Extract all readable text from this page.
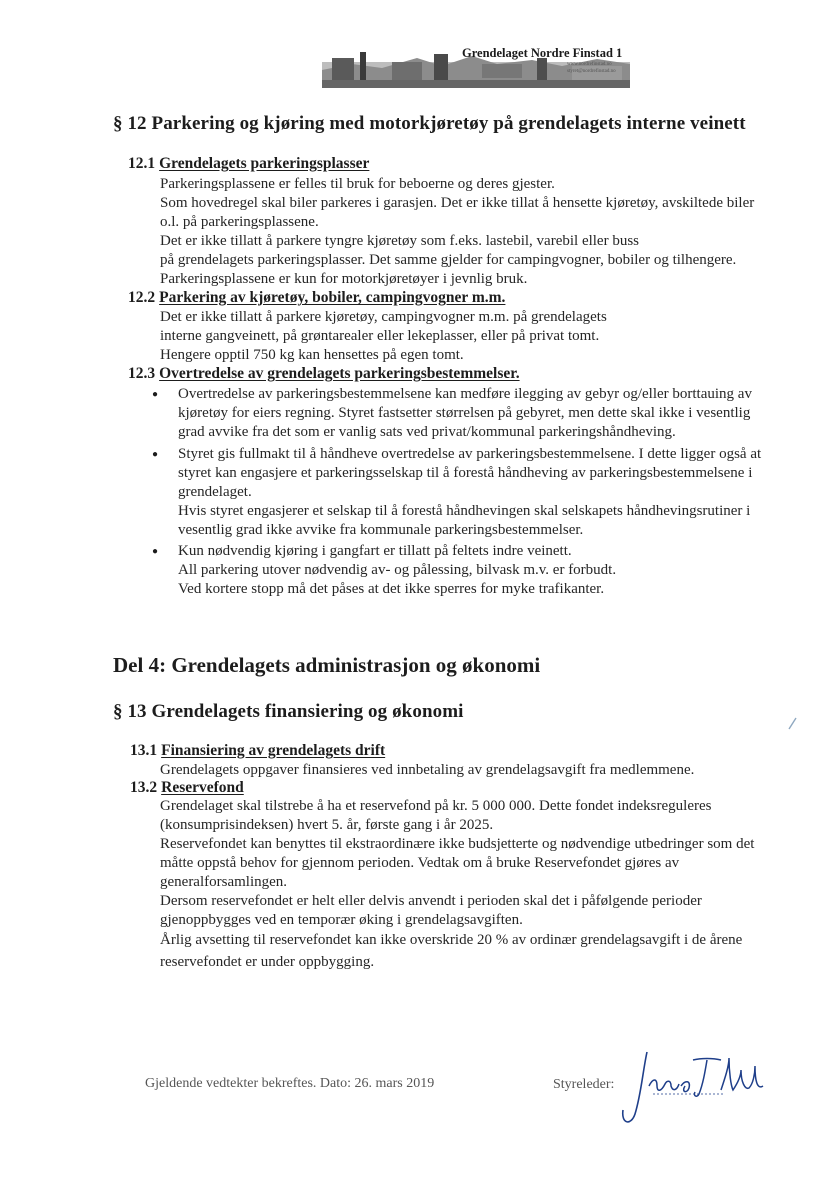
Grendelaget Nordre Finstad 1
www.nordrefinstad.no
styret@nordrefinstad.no
§ 12 Parkering og kjøring med motorkjøretøy på grendelagets interne veinett
12.1 Grendelagets parkeringsplasser
Parkeringsplassene er felles til bruk for beboerne og deres gjester.
Som hovedregel skal biler parkeres i garasjen. Det er ikke tillat å hensette kjøretøy, avskiltede biler
o.l. på parkeringsplassene.
Det er ikke tillatt å parkere tyngre kjøretøy som f.eks. lastebil, varebil eller buss
på grendelagets parkeringsplasser. Det samme gjelder for campingvogner, bobiler og tilhengere.
Parkeringsplassene er kun for motorkjøretøyer i jevnlig bruk.
12.2 Parkering av kjøretøy, bobiler, campingvogner m.m.
Det er ikke tillatt å parkere kjøretøy, campingvogner m.m. på grendelagets
interne gangveinett, på grøntarealer eller lekeplasser, eller på privat tomt.
Hengere opptil 750 kg kan hensettes på egen tomt.
12.3 Overtredelse av grendelagets parkeringsbestemmelser.
● Overtredelse av parkeringsbestemmelsene kan medføre ilegging av gebyr og/eller borttauing av
kjøretøy for eiers regning. Styret fastsetter størrelsen på gebyret, men dette skal ikke i vesentlig
grad avvike fra det som er vanlig sats ved privat/kommunal parkeringshåndheving.
● Styret gis fullmakt til å håndheve overtredelse av parkeringsbestemmelsene. I dette ligger også at
styret kan engasjere et parkeringsselskap til å forestå håndheving av parkeringsbestemmelsene i
grendelaget.
Hvis styret engasjerer et selskap til å forestå håndhevingen skal selskapets håndhevingsrutiner i
vesentlig grad ikke avvike fra kommunale parkeringsbestemmelser.
● Kun nødvendig kjøring i gangfart er tillatt på feltets indre veinett.
All parkering utover nødvendig av- og pålessing, bilvask m.v. er forbudt.
Ved kortere stopp må det påses at det ikke sperres for myke trafikanter.
Del 4: Grendelagets administrasjon og økonomi
§ 13 Grendelagets finansiering og økonomi
13.1 Finansiering av grendelagets drift
Grendelagets oppgaver finansieres ved innbetaling av grendelagsavgift fra medlemmene.
13.2 Reservefond
Grendelaget skal tilstrebe å ha et reservefond på kr. 5 000 000. Dette fondet indeksreguleres
(konsumprisindeksen) hvert 5. år, første gang i år 2025.
Reservefondet kan benyttes til ekstraordinære ikke budsjetterte og nødvendige utbedringer som det
måtte oppstå behov for gjennom perioden. Vedtak om å bruke Reservefondet gjøres av
generalforsamlingen.
Dersom reservefondet er helt eller delvis anvendt i perioden skal det i påfølgende perioder
gjenoppbygges ved en temporær øking i grendelagsavgiften.
Årlig avsetting til reservefondet kan ikke overskride 20 % av ordinær grendelagsavgift i de årene
reservefondet er under oppbygging.
Gjeldende vedtekter bekreftes. Dato: 26. mars 2019	Styreleder:
